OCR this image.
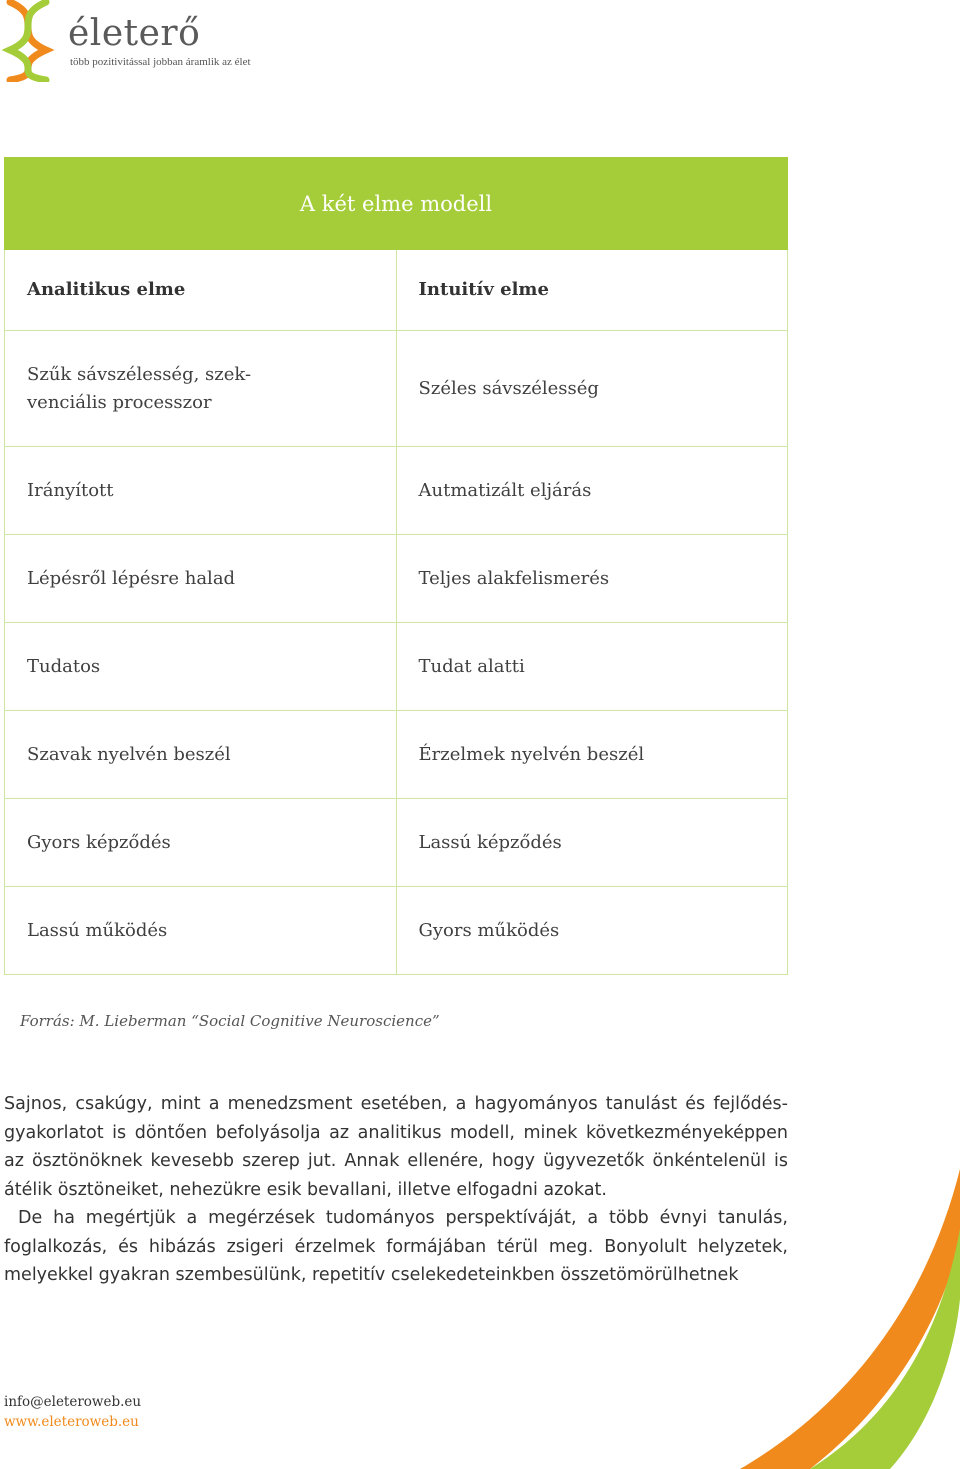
életerő
több pozitivitással jobban áramlik az élet
A két elme modell	
Analitikus elme	Intuitív elme
Szűk sávszélesség, szek-
venciális processzor	Széles sávszélesség
Irányított	Autmatizált eljárás
Lépésről lépésre halad	Teljes alakfelismerés
Tudatos	Tudat alatti
Szavak nyelvén beszél	Érzelmek nyelvén beszél
Gyors képződés	Lassú képződés
Lassú működés	Gyors működés
Forrás: M. Lieberman “Social Cognitive Neuroscience”

Sajnos, csakúgy, mint a menedzsment esetében, a hagyományos tanulást és fejlődésgyakorlatot is döntően befolyásolja az analitikus modell, minek következményeképpen az ösztönöknek kevesebb szerep jut. Annak ellenére, hogy ügyvezetők önkéntelenül is átélik ösztöneiket, nehezükre esik bevallani, illetve elfogadni azokat.

De ha megértjük a megérzések tudományos perspektíváját, a több évnyi tanulás, foglalkozás, és hibázás zsigeri érzelmek formájában térül meg. Bonyolult helyzetek, melyekkel gyakran szembesülünk, repetitív cselekedeteinkben összetömörülhetnek

info@eleteroweb.eu
www.eleteroweb.eu
